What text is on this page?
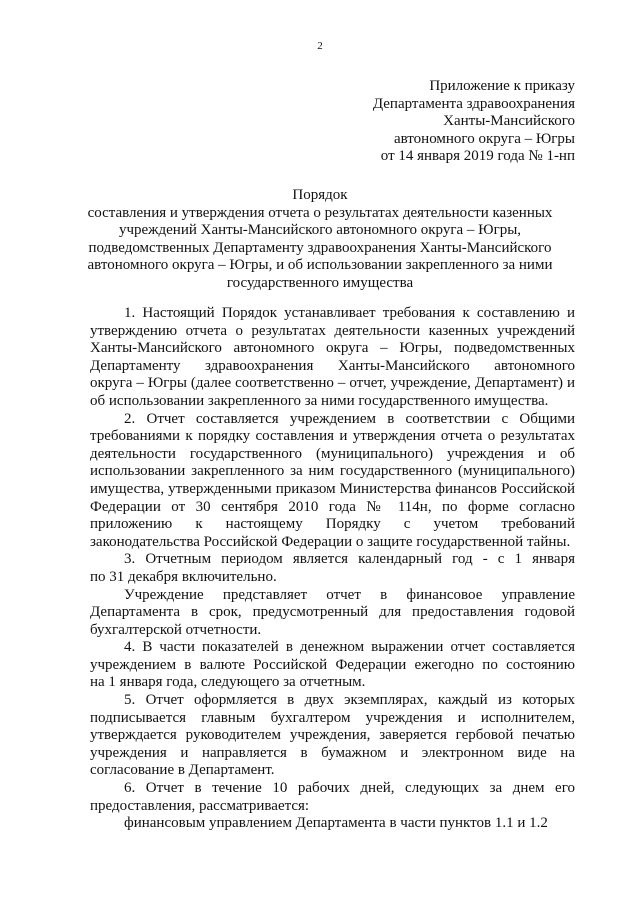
2
Приложение к приказу
Департамента здравоохранения
Ханты-Мансийского
автономного округа – Югры
от 14 января 2019 года № 1-нп
Порядок
составления и утверждения отчета о результатах деятельности казенных
учреждений Ханты-Мансийского автономного округа – Югры,
подведомственных Департаменту здравоохранения Ханты-Мансийского
автономного округа – Югры, и об использовании закрепленного за ними
государственного имущества
1. Настоящий Порядок устанавливает требования к составлению и
утверждению отчета о результатах деятельности казенных учреждений
Ханты-Мансийского автономного округа – Югры, подведомственных
Департаменту здравоохранения Ханты-Мансийского автономного
округа – Югры (далее соответственно – отчет, учреждение, Департамент) и
об использовании закрепленного за ними государственного имущества.
2. Отчет составляется учреждением в соответствии с Общими
требованиями к порядку составления и утверждения отчета о результатах
деятельности государственного (муниципального) учреждения и об
использовании закрепленного за ним государственного (муниципального)
имущества, утвержденными приказом Министерства финансов Российской
Федерации от 30 сентября 2010 года № 114н, по форме согласно
приложению к настоящему Порядку с учетом требований
законодательства Российской Федерации о защите государственной тайны.
3. Отчетным периодом является календарный год - с 1 января
по 31 декабря включительно.
Учреждение представляет отчет в финансовое управление
Департамента в срок, предусмотренный для предоставления годовой
бухгалтерской отчетности.
4. В части показателей в денежном выражении отчет составляется
учреждением в валюте Российской Федерации ежегодно по состоянию
на 1 января года, следующего за отчетным.
5. Отчет оформляется в двух экземплярах, каждый из которых
подписывается главным бухгалтером учреждения и исполнителем,
утверждается руководителем учреждения, заверяется гербовой печатью
учреждения и направляется в бумажном и электронном виде на
согласование в Департамент.
6. Отчет в течение 10 рабочих дней, следующих за днем его
предоставления, рассматривается:
финансовым управлением Департамента в части пунктов 1.1 и 1.2
